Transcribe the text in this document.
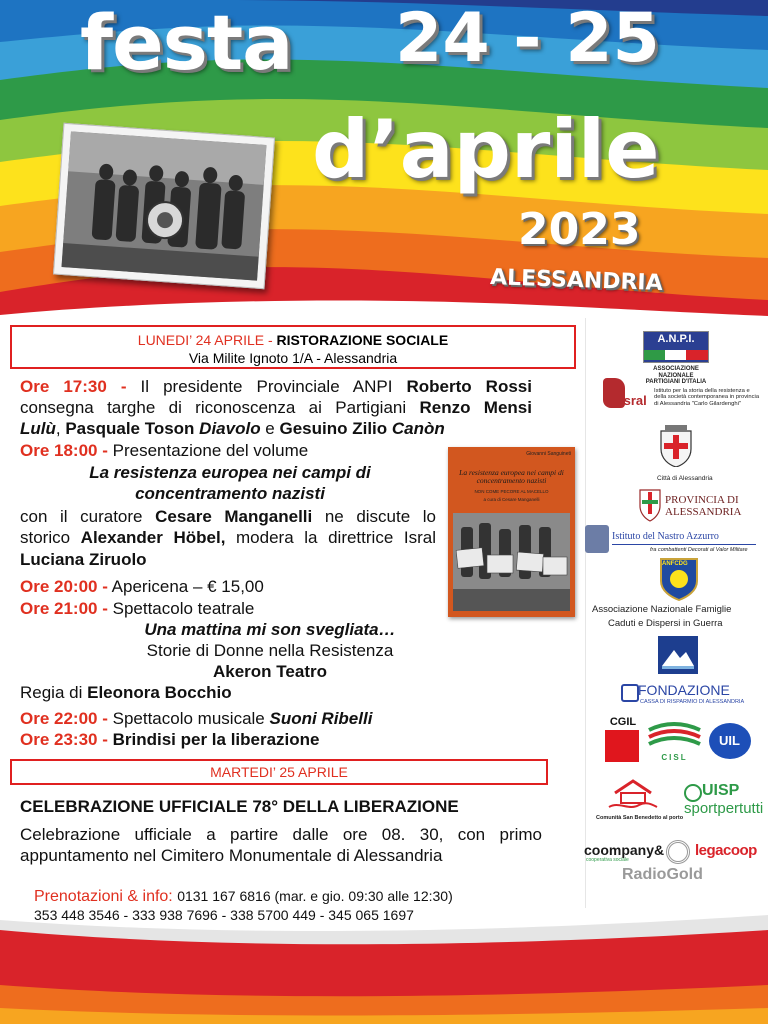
festa 24 - 25
d’aprile
2023
ALESSANDRIA
LUNEDI’ 24 APRILE - RISTORAZIONE SOCIALE
Via Milite Ignoto 1/A - Alessandria
Ore 17:30 - Il presidente Provinciale ANPI Roberto Rossi
consegna targhe di riconoscenza ai Partigiani Renzo Mensi
Lulù, Pasquale Toson Diavolo e Gesuino Zilio Canòn
Ore 18:00 - Presentazione del volume
La resistenza europea nei campi di
concentramento nazisti
con il curatore Cesare Manganelli ne discute lo
storico Alexander Höbel, modera la direttrice Isral
Luciana Ziruolo
Ore 20:00 - Apericena – € 15,00
Ore 21:00 - Spettacolo teatrale
Una mattina mi son svegliata…
Storie di Donne nella Resistenza
Akeron Teatro
Regia di Eleonora Bocchio
Ore 22:00 - Spettacolo musicale Suoni Ribelli
Ore 23:30 - Brindisi per la liberazione
Giovanni Sanguineti
La resistenza europea nei campi di concentramento nazisti
NON COME PECORE AL MACELLO
a cura di Cesare Manganelli
MARTEDI’ 25 APRILE
CELEBRAZIONE UFFICIALE 78° DELLA LIBERAZIONE
Celebrazione ufficiale a partire dalle ore 08. 30, con primo
appuntamento nel Cimitero Monumentale di Alessandria
Prenotazioni & info: 0131 167 6816 (mar. e gio. 09:30 alle 12:30)
353 448 3546 - 333 938 7696 - 338 5700 449 - 345 065 1697
A.N.P.I.
ASSOCIAZIONE NAZIONALE PARTIGIANI D'ITALIA
isral
Istituto per la storia della resistenza e della società contemporanea in provincia di Alessandria "Carlo Gilardenghi"
Città di Alessandria
PROVINCIA DI ALESSANDRIA
Istituto del Nastro Azzurro
fra combattenti Decorati al Valor Militare
ANFCDG
Associazione Nazionale Famiglie
Caduti e Dispersi in Guerra
FONDAZIONE
CASSA DI RISPARMIO DI ALESSANDRIA
CGIL
CISL
UIL
Comunità San Benedetto al porto
UISP
sportpertutti
coompany&
cooperativa sociale
legacoop
RadioGold
